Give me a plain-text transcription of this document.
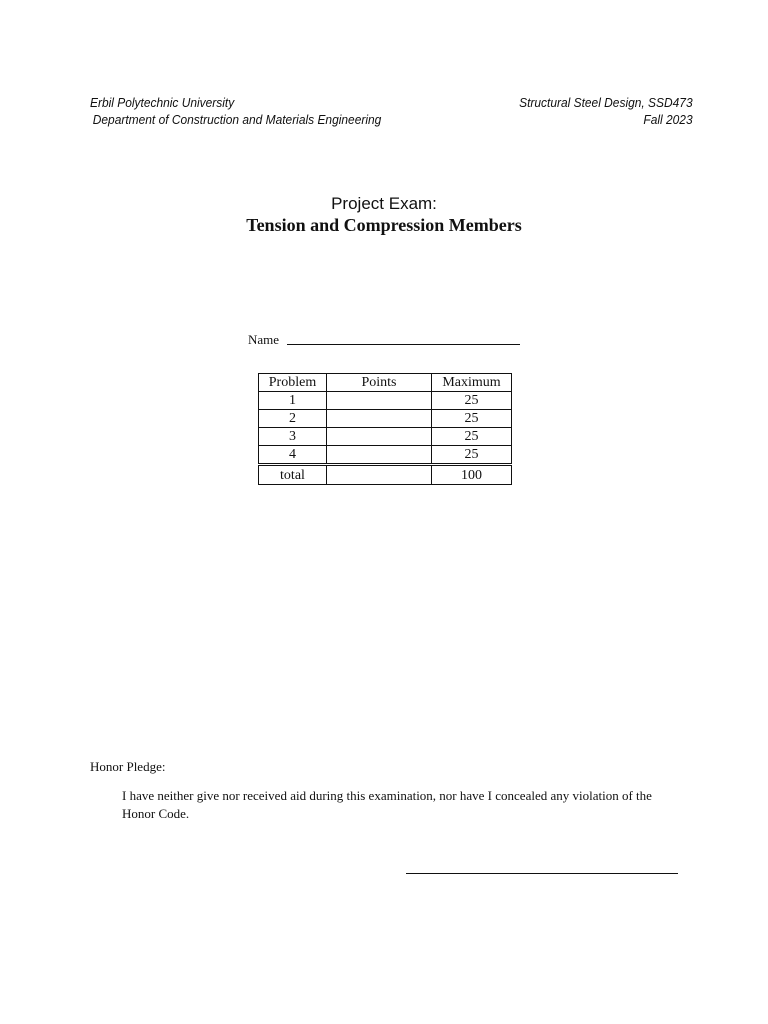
Erbil Polytechnic University
Department of Construction and Materials Engineering
Structural Steel Design, SSD473
Fall 2023
Project Exam:
Tension and Compression Members
Name
Problem	Points	Maximum
1		25
2		25
3		25
4		25
total		100
Honor Pledge:
I have neither give nor received aid during this examination, nor have I concealed any violation of the Honor Code.
